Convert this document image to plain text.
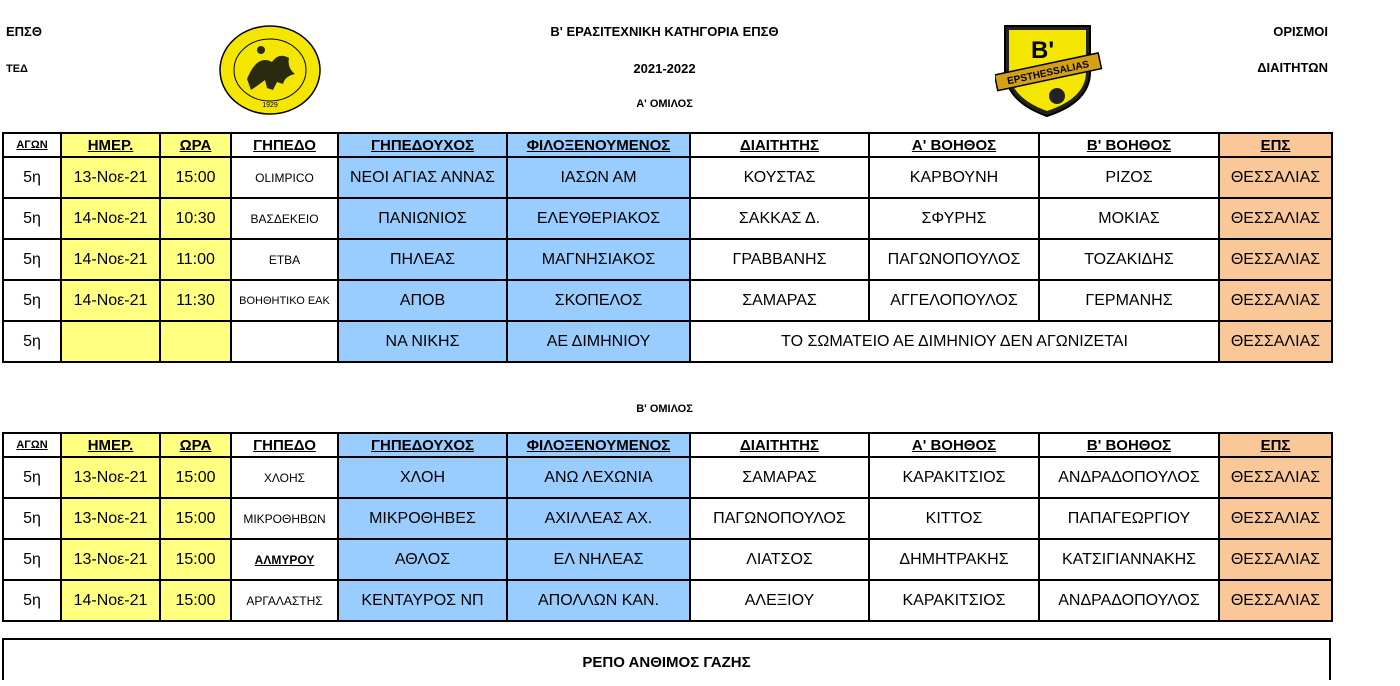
ΕΠΣΘ
ΤΕΔ
Β' ΕΡΑΣΙΤΕΧΝΙΚΗ ΚΑΤΗΓΟΡΙΑ ΕΠΣΘ
2021-2022
ΟΡΙΣΜΟΙ
ΔΙΑΙΤΗΤΩΝ
1929
B'
EPSTHESSALIAS
Α' ΟΜΙΛΟΣ
ΑΓΩΝ	ΗΜΕΡ.	ΩΡΑ	ΓΗΠΕΔΟ	ΓΗΠΕΔΟΥΧΟΣ	ΦΙΛΟΞΕΝΟΥΜΕΝΟΣ	ΔΙΑΙΤΗΤΗΣ	Α' ΒΟΗΘΟΣ	Β' ΒΟΗΘΟΣ	ΕΠΣ
5η	13-Νοε-21	15:00	OLIMPICO	ΝΕΟΙ ΑΓΙΑΣ ΑΝΝΑΣ	ΙΑΣΩΝ ΑΜ	ΚΟΥΣΤΑΣ	ΚΑΡΒΟΥΝΗ	ΡΙΖΟΣ	ΘΕΣΣΑΛΙΑΣ
5η	14-Νοε-21	10:30	ΒΑΣΔΕΚΕΙΟ	ΠΑΝΙΩΝΙΟΣ	ΕΛΕΥΘΕΡΙΑΚΟΣ	ΣΑΚΚΑΣ Δ.	ΣΦΥΡΗΣ	ΜΟΚΙΑΣ	ΘΕΣΣΑΛΙΑΣ
5η	14-Νοε-21	11:00	ΕΤΒΑ	ΠΗΛΕΑΣ	ΜΑΓΝΗΣΙΑΚΟΣ	ΓΡΑΒΒΑΝΗΣ	ΠΑΓΩΝΟΠΟΥΛΟΣ	ΤΟΖΑΚΙΔΗΣ	ΘΕΣΣΑΛΙΑΣ
5η	14-Νοε-21	11:30	ΒΟΗΘΗΤΙΚΟ ΕΑΚ	ΑΠΟΒ	ΣΚΟΠΕΛΟΣ	ΣΑΜΑΡΑΣ	ΑΓΓΕΛΟΠΟΥΛΟΣ	ΓΕΡΜΑΝΗΣ	ΘΕΣΣΑΛΙΑΣ
5η				ΝΑ ΝΙΚΗΣ	ΑΕ ΔΙΜΗΝΙΟΥ	ΤΟ ΣΩΜΑΤΕΙΟ ΑΕ ΔΙΜΗΝΙΟΥ ΔΕΝ ΑΓΩΝΙΖΕΤΑΙ			ΘΕΣΣΑΛΙΑΣ
Β' ΟΜΙΛΟΣ
ΑΓΩΝ	ΗΜΕΡ.	ΩΡΑ	ΓΗΠΕΔΟ	ΓΗΠΕΔΟΥΧΟΣ	ΦΙΛΟΞΕΝΟΥΜΕΝΟΣ	ΔΙΑΙΤΗΤΗΣ	Α' ΒΟΗΘΟΣ	Β' ΒΟΗΘΟΣ	ΕΠΣ
5η	13-Νοε-21	15:00	ΧΛΟΗΣ	ΧΛΟΗ	ΑΝΩ ΛΕΧΩΝΙΑ	ΣΑΜΑΡΑΣ	ΚΑΡΑΚΙΤΣΙΟΣ	ΑΝΔΡΑΔΟΠΟΥΛΟΣ	ΘΕΣΣΑΛΙΑΣ
5η	13-Νοε-21	15:00	ΜΙΚΡΟΘΗΒΩΝ	ΜΙΚΡΟΘΗΒΕΣ	ΑΧΙΛΛΕΑΣ ΑΧ.	ΠΑΓΩΝΟΠΟΥΛΟΣ	ΚΙΤΤΟΣ	ΠΑΠΑΓΕΩΡΓΙΟΥ	ΘΕΣΣΑΛΙΑΣ
5η	13-Νοε-21	15:00	ΑΛΜΥΡΟΥ	ΑΘΛΟΣ	ΕΛ ΝΗΛΕΑΣ	ΛΙΑΤΣΟΣ	ΔΗΜΗΤΡΑΚΗΣ	ΚΑΤΣΙΓΙΑΝΝΑΚΗΣ	ΘΕΣΣΑΛΙΑΣ
5η	14-Νοε-21	15:00	ΑΡΓΑΛΑΣΤΗΣ	ΚΕΝΤΑΥΡΟΣ ΝΠ	ΑΠΟΛΛΩΝ ΚΑΝ.	ΑΛΕΞΙΟΥ	ΚΑΡΑΚΙΤΣΙΟΣ	ΑΝΔΡΑΔΟΠΟΥΛΟΣ	ΘΕΣΣΑΛΙΑΣ
ΡΕΠΟ ΑΝΘΙΜΟΣ ΓΑΖΗΣ
